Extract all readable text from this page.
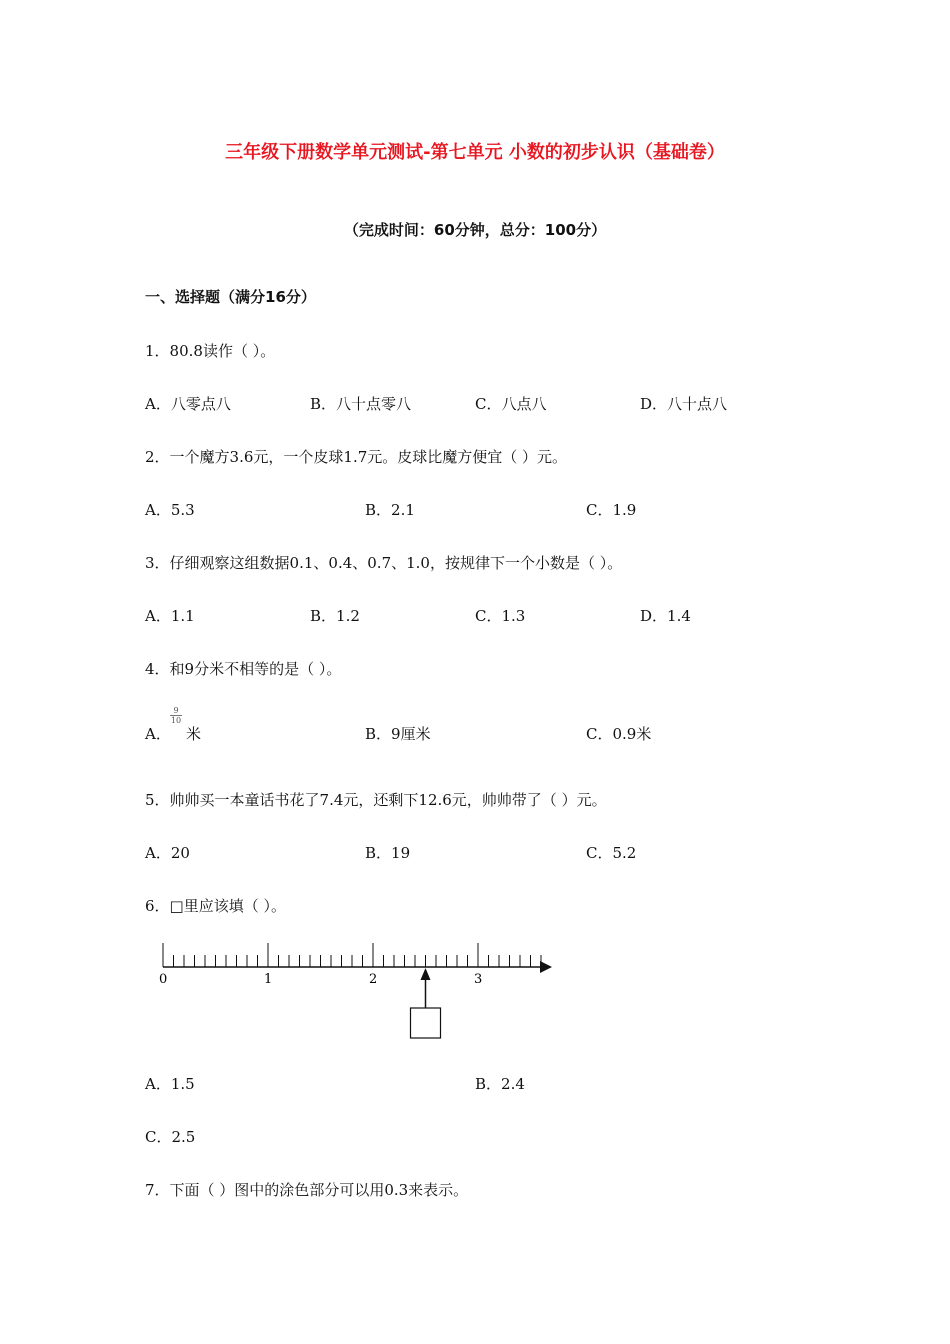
三年级下册数学单元测试-第七单元 小数的初步认识（基础卷）
（完成时间：60分钟，总分：100分）
一、选择题（满分16分）
1．80.8读作（ ）。
A．八零点八	B．八十点零八	C．八点八	D．八十点八
2．一个魔方3.6元，一个皮球1.7元。皮球比魔方便宜（ ）元。
A．5.3	B．2.1	C．1.9
3．仔细观察这组数据0.1、0.4、0.7、1.0，按规律下一个小数是（ ）。
A．1.1	B．1.2	C．1.3	D．1.4
4．和9分米不相等的是（ ）。
A．
9
10
米	B．9厘米	C．0.9米
5．帅帅买一本童话书花了7.4元，还剩下12.6元，帅帅带了（ ）元。
A．20	B．19	C．5.2
6．□里应该填（ ）。
0	1	2	3
A．1.5	B．2.4
C．2.5
7．下面（ ）图中的涂色部分可以用0.3来表示。
